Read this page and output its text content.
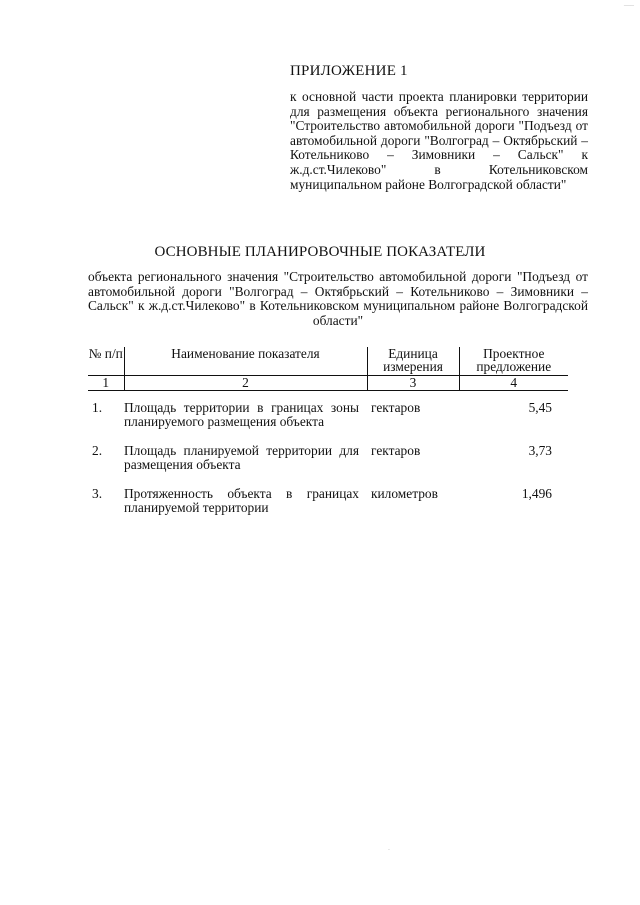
___
ПРИЛОЖЕНИЕ 1
к основной части проекта планировки территории для размещения объекта регионального значения "Строительство автомобильной дороги "Подъезд от автомобильной дороги "Волгоград – Октябрьский – Котельниково – Зимовники – Сальск" к ж.д.ст.Чилеково" в Котельниковском муниципальном районе Волгоградской области"
ОСНОВНЫЕ ПЛАНИРОВОЧНЫЕ ПОКАЗАТЕЛИ
объекта регионального значения "Строительство автомобильной дороги "Подъезд от автомобильной дороги "Волгоград – Октябрьский – Котельниково – Зимовники – Сальск" к ж.д.ст.Чилеково" в Котельниковском муниципальном районе Волгоградской области"
№ п/п	Наименование показателя	Единица измерения	Проектное предложение
1	2	3	4
1.	Площадь территории в границах зоны планируемого размещения объекта	гектаров	5,45
2.	Площадь планируемой территории для размещения объекта	гектаров	3,73
3.	Протяженность объекта в границах планируемой территории	километров	1,496
.
